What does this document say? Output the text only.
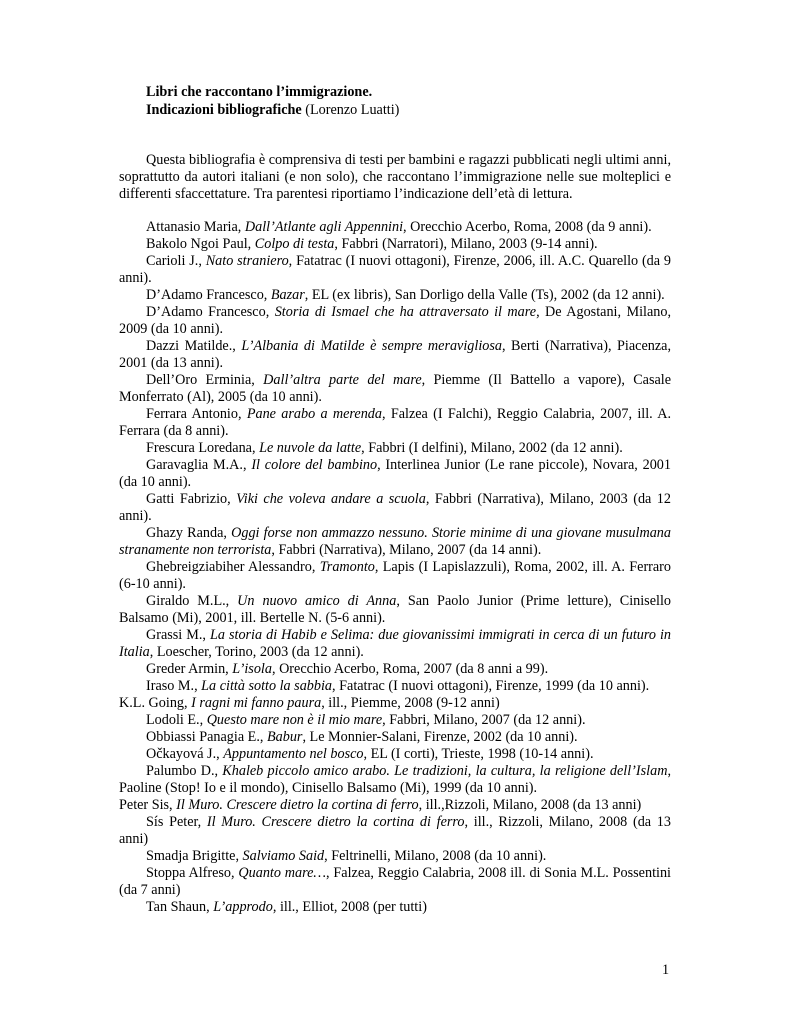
Libri che raccontano l’immigrazione.
Indicazioni bibliografiche (Lorenzo Luatti)

Questa bibliografia è comprensiva di testi per bambini e ragazzi pubblicati negli ultimi anni, soprattutto da autori italiani (e non solo), che raccontano l’immigrazione nelle sue molteplici e differenti sfaccettature. Tra parentesi riportiamo l’indicazione dell’età di lettura.

Attanasio Maria, Dall’Atlante agli Appennini, Orecchio Acerbo, Roma, 2008 (da 9 anni).

Bakolo Ngoi Paul, Colpo di testa, Fabbri (Narratori), Milano, 2003 (9-14 anni).

Carioli J., Nato straniero, Fatatrac (I nuovi ottagoni), Firenze, 2006, ill. A.C. Quarello (da 9 anni).

D’Adamo Francesco, Bazar, EL (ex libris), San Dorligo della Valle (Ts), 2002 (da 12 anni).

D’Adamo Francesco, Storia di Ismael che ha attraversato il mare, De Agostani, Milano, 2009 (da 10 anni).

Dazzi Matilde., L’Albania di Matilde è sempre meravigliosa, Berti (Narrativa), Piacenza, 2001 (da 13 anni).

Dell’Oro Erminia, Dall’altra parte del mare, Piemme (Il Battello a vapore), Casale Monferrato (Al), 2005 (da 10 anni).

Ferrara Antonio, Pane arabo a merenda, Falzea (I Falchi), Reggio Calabria, 2007, ill. A. Ferrara (da 8 anni).

Frescura Loredana, Le nuvole da latte, Fabbri (I delfini), Milano, 2002 (da 12 anni).

Garavaglia M.A., Il colore del bambino, Interlinea Junior (Le rane piccole), Novara, 2001 (da 10 anni).

Gatti Fabrizio, Viki che voleva andare a scuola, Fabbri (Narrativa), Milano, 2003 (da 12 anni).

Ghazy Randa, Oggi forse non ammazzo nessuno. Storie minime di una giovane musulmana stranamente non terrorista, Fabbri (Narrativa), Milano, 2007 (da 14 anni).

Ghebreigziabiher Alessandro, Tramonto, Lapis (I Lapislazzuli), Roma, 2002, ill. A. Ferraro (6-10 anni).

Giraldo M.L., Un nuovo amico di Anna, San Paolo Junior (Prime letture), Cinisello Balsamo (Mi), 2001, ill. Bertelle N. (5-6 anni).

Grassi M., La storia di Habib e Selima: due giovanissimi immigrati in cerca di un futuro in Italia, Loescher, Torino, 2003 (da 12 anni).

Greder Armin, L’isola, Orecchio Acerbo, Roma, 2007 (da 8 anni a 99).

Iraso M., La città sotto la sabbia, Fatatrac (I nuovi ottagoni), Firenze, 1999 (da 10 anni).

K.L. Going, I ragni mi fanno paura, ill., Piemme, 2008 (9-12 anni)

Lodoli E., Questo mare non è il mio mare, Fabbri, Milano, 2007 (da 12 anni).

Obbiassi Panagia E., Babur, Le Monnier-Salani, Firenze, 2002 (da 10 anni).

Očkayová J., Appuntamento nel bosco, EL (I corti), Trieste, 1998 (10-14 anni).

Palumbo D., Khaleb piccolo amico arabo. Le tradizioni, la cultura, la religione dell’Islam, Paoline (Stop! Io e il mondo), Cinisello Balsamo (Mi), 1999 (da 10 anni).

Peter Sis, Il Muro. Crescere dietro la cortina di ferro, ill.,Rizzoli, Milano, 2008 (da 13 anni)

Sís Peter, Il Muro. Crescere dietro la cortina di ferro, ill., Rizzoli, Milano, 2008 (da 13 anni)

Smadja Brigitte, Salviamo Said, Feltrinelli, Milano, 2008 (da 10 anni).

Stoppa Alfreso, Quanto mare…, Falzea, Reggio Calabria, 2008 ill. di Sonia M.L. Possentini (da 7 anni)

Tan Shaun, L’approdo, ill., Elliot, 2008 (per tutti)

1
